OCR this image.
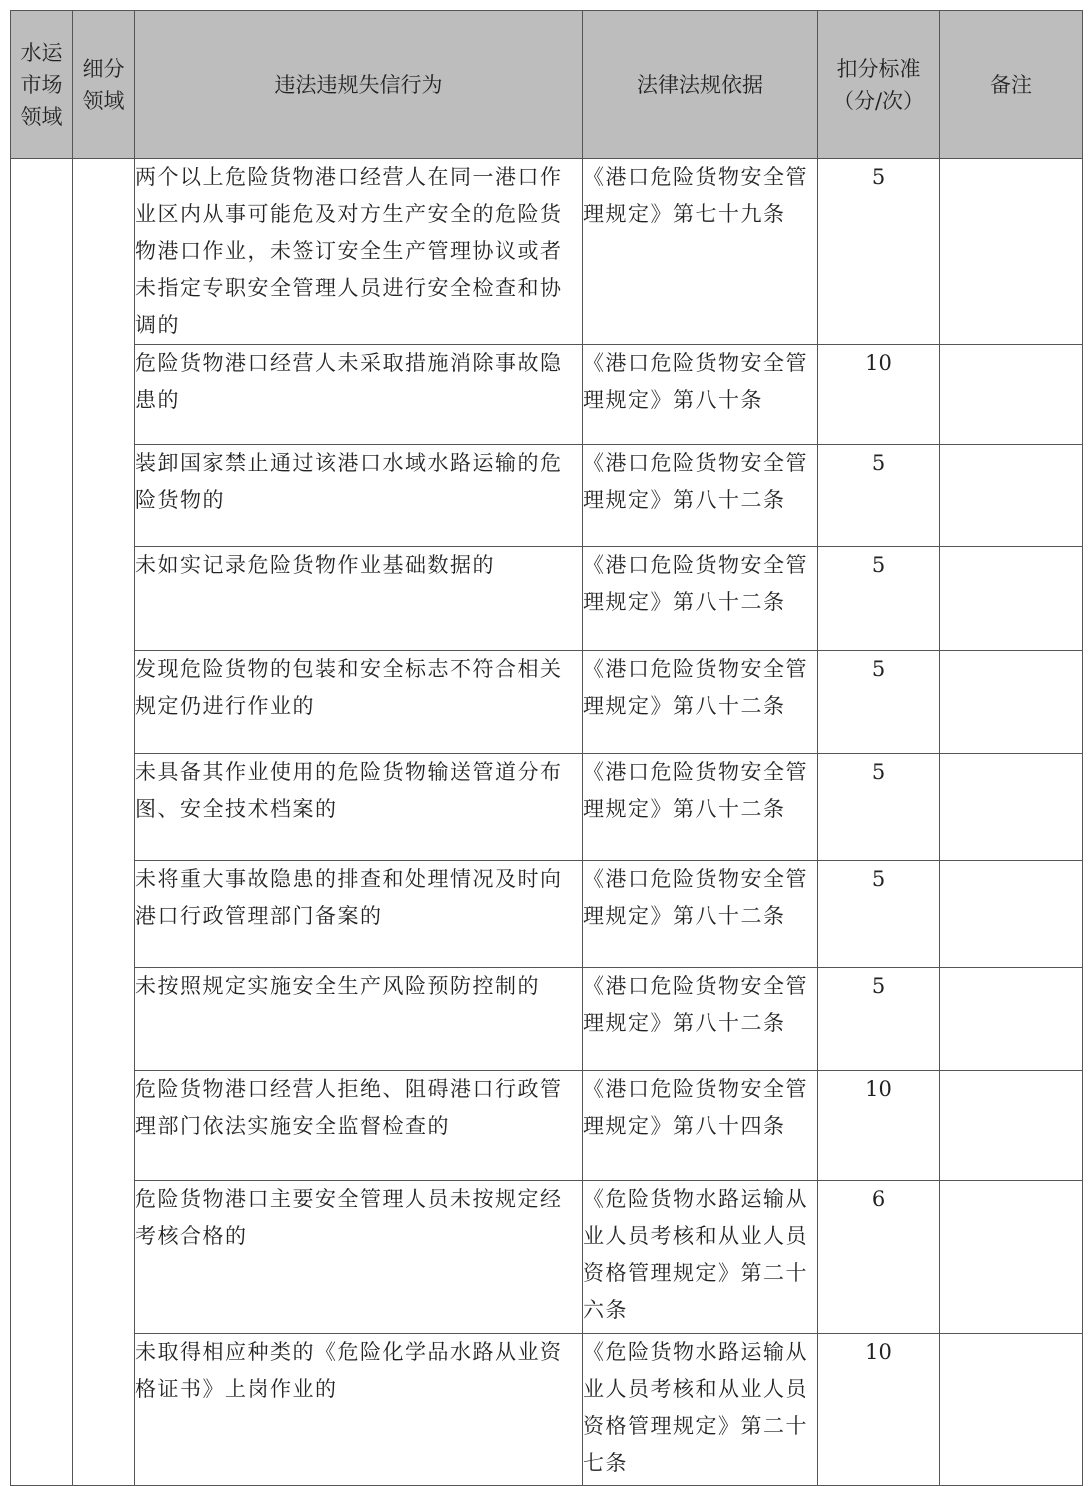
水运市场领域	细分领域	违法违规失信行为	法律法规依据	扣分标准（分/次）	备注
		两个以上危险货物港口经营人在同一港口作业区内从事可能危及对方生产安全的危险货物港口作业，未签订安全生产管理协议或者未指定专职安全管理人员进行安全检查和协调的	《港口危险货物安全管理规定》第七十九条	5	
		危险货物港口经营人未采取措施消除事故隐患的	《港口危险货物安全管理规定》第八十条	10	
		装卸国家禁止通过该港口水域水路运输的危险货物的	《港口危险货物安全管理规定》第八十二条	5	
		未如实记录危险货物作业基础数据的	《港口危险货物安全管理规定》第八十二条	5	
		发现危险货物的包装和安全标志不符合相关规定仍进行作业的	《港口危险货物安全管理规定》第八十二条	5	
		未具备其作业使用的危险货物输送管道分布图、安全技术档案的	《港口危险货物安全管理规定》第八十二条	5	
		未将重大事故隐患的排查和处理情况及时向港口行政管理部门备案的	《港口危险货物安全管理规定》第八十二条	5	
		未按照规定实施安全生产风险预防控制的	《港口危险货物安全管理规定》第八十二条	5	
		危险货物港口经营人拒绝、阻碍港口行政管理部门依法实施安全监督检查的	《港口危险货物安全管理规定》第八十四条	10	
		危险货物港口主要安全管理人员未按规定经考核合格的	《危险货物水路运输从业人员考核和从业人员资格管理规定》第二十六条	6	
		未取得相应种类的《危险化学品水路从业资格证书》上岗作业的	《危险货物水路运输从业人员考核和从业人员资格管理规定》第二十七条	10	
